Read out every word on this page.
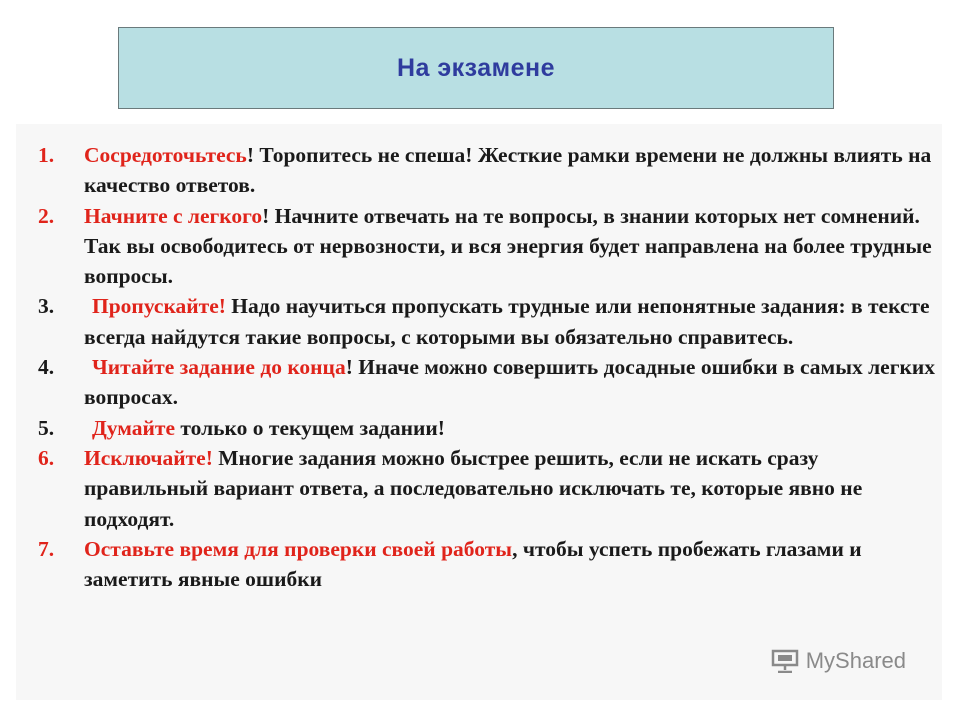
На экзамене
1. Сосредоточьтесь! Торопитесь не спеша! Жесткие рамки времени не должны влиять на качество ответов.
2. Начните с легкого! Начните отвечать на те вопросы, в знании которых нет сомнений. Так вы освободитесь от нервозности, и вся энергия будет направлена на более трудные вопросы.
3. Пропускайте! Надо научиться пропускать трудные или непонятные задания: в тексте всегда найдутся такие вопросы, с которыми вы обязательно справитесь.
4. Читайте задание до конца! Иначе можно совершить досадные ошибки в самых легких вопросах.
5. Думайте только о текущем задании!
6. Исключайте! Многие задания можно быстрее решить, если не искать сразу правильный вариант ответа, а последовательно исключать те, которые явно не подходят.
7. Оставьте время для проверки своей работы, чтобы успеть пробежать глазами и заметить явные ошибки
MyShared
